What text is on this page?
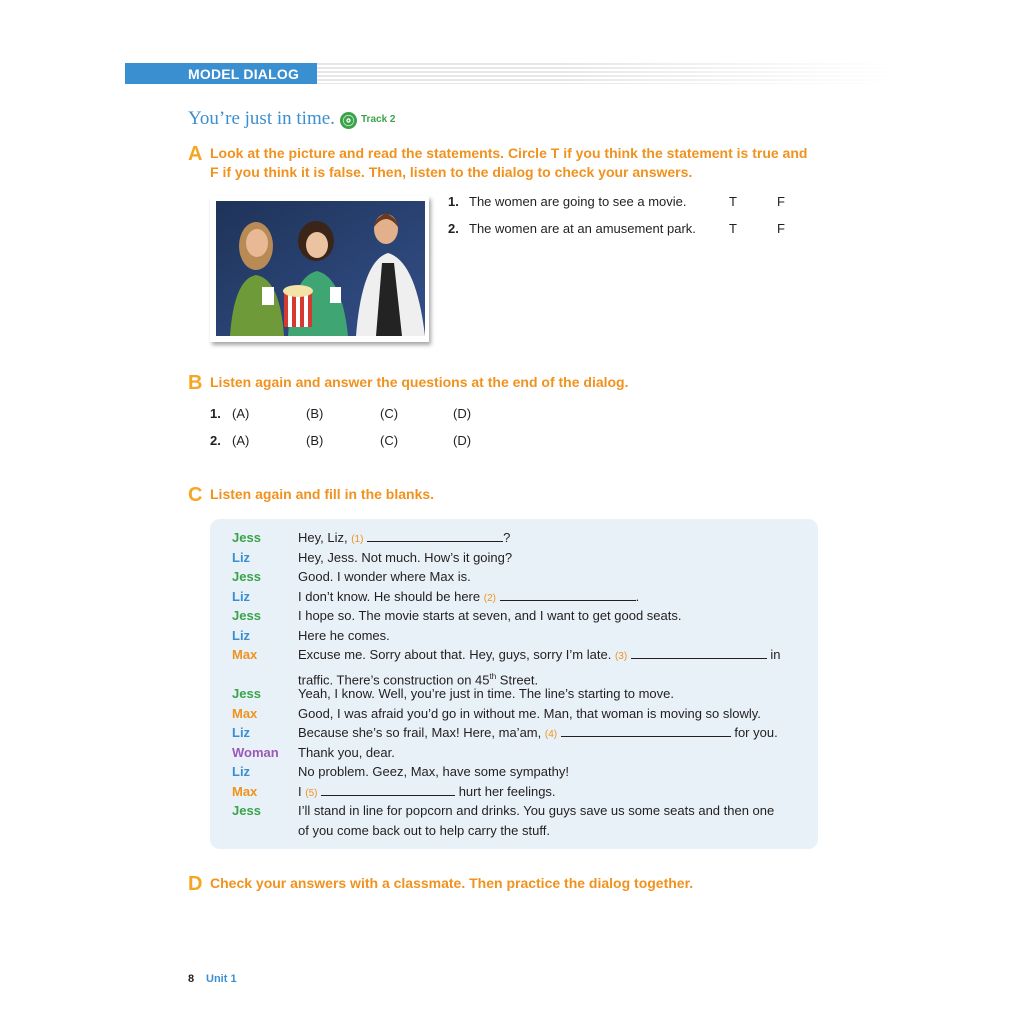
MODEL DIALOG
You’re just in time.	Track 2
A Look at the picture and read the statements. Circle T if you think the statement is true and
F if you think it is false. Then, listen to the dialog to check your answers.
1. The women are going to see a movie.	T	F
2. The women are at an amusement park.	T	F
B Listen again and answer the questions at the end of the dialog.
1. (A)	(B)	(C)	(D)
2. (A)	(B)	(C)	(D)
C Listen again and fill in the blanks.
Jess	Hey, Liz, (1)	?
Liz	Hey, Jess. Not much. How’s it going?
Jess	Good. I wonder where Max is.
Liz	I don’t know. He should be here (2)	.
Jess	I hope so. The movie starts at seven, and I want to get good seats.
Liz	Here he comes.
Max	Excuse me. Sorry about that. Hey, guys, sorry I’m late. (3)	in
traffic. There’s construction on 45th Street.
Jess	Yeah, I know. Well, you’re just in time. The line’s starting to move.
Max	Good, I was afraid you’d go in without me. Man, that woman is moving so slowly.
Liz	Because she’s so frail, Max! Here, ma’am, (4)	for you.
Woman Thank you, dear.
Liz	No problem. Geez, Max, have some sympathy!
Max	I (5)	hurt her feelings.
Jess	I’ll stand in line for popcorn and drinks. You guys save us some seats and then one
of you come back out to help carry the stuff.
D Check your answers with a classmate. Then practice the dialog together.
8 Unit 1
